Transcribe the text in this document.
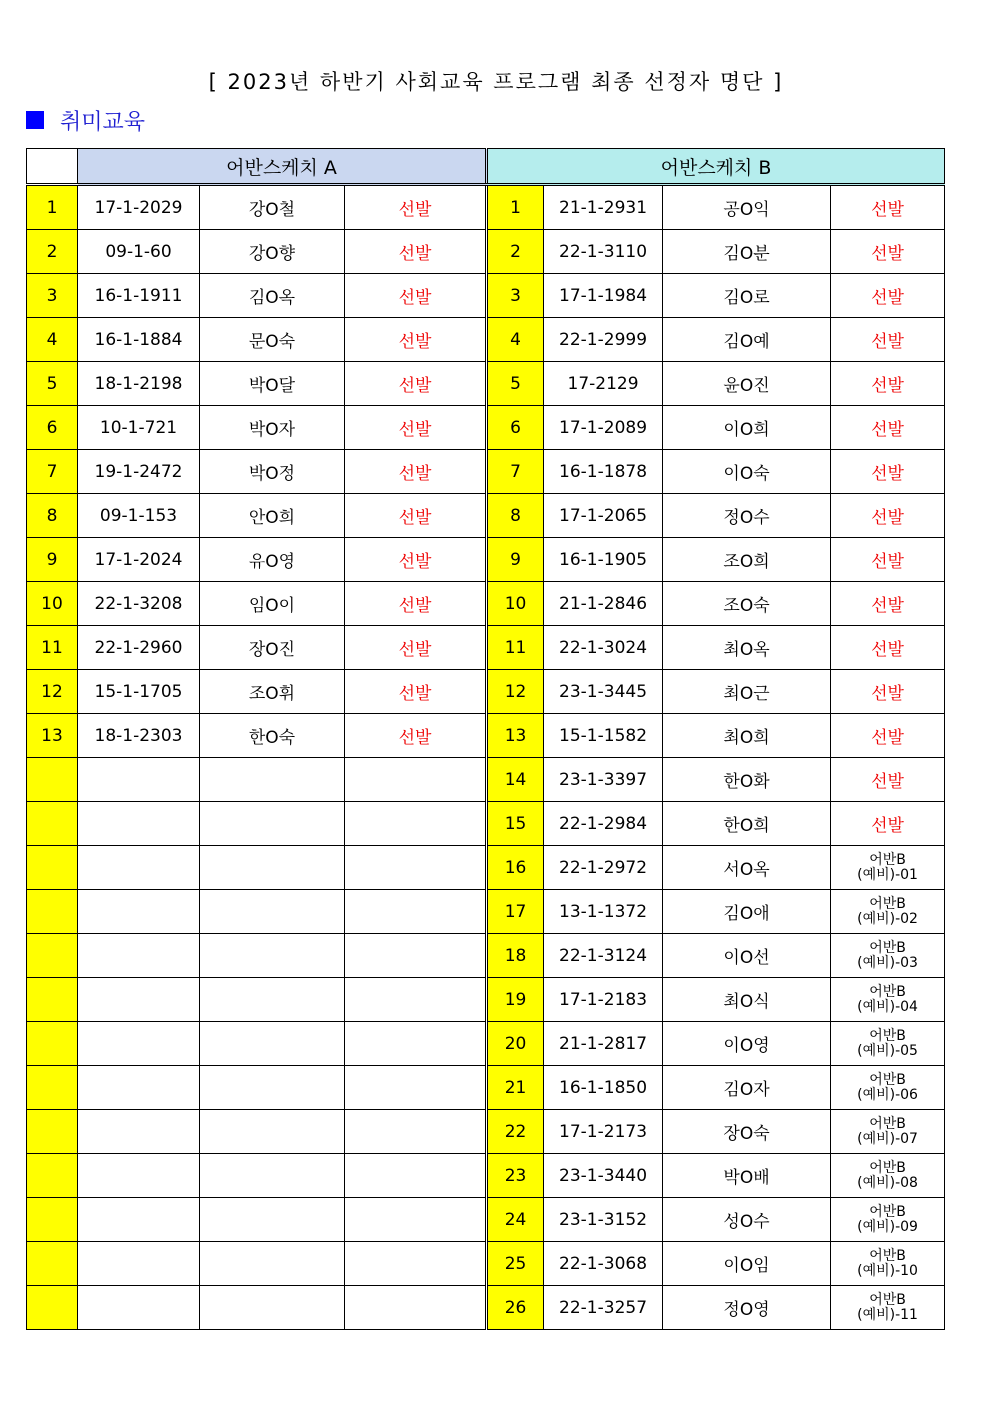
[ 2023년 하반기 사회교육 프로그램 최종 선정자 명단 ]
취미교육
	어반스케치 A			어반스케치 B			
1	17-1-2029	강O철	선발	1	21-1-2931	공O익	선발
2	09-1-60	강O향	선발	2	22-1-3110	김O분	선발
3	16-1-1911	김O옥	선발	3	17-1-1984	김O로	선발
4	16-1-1884	문O숙	선발	4	22-1-2999	김O예	선발
5	18-1-2198	박O달	선발	5	17-2129	윤O진	선발
6	10-1-721	박O자	선발	6	17-1-2089	이O희	선발
7	19-1-2472	박O정	선발	7	16-1-1878	이O숙	선발
8	09-1-153	안O희	선발	8	17-1-2065	정O수	선발
9	17-1-2024	유O영	선발	9	16-1-1905	조O희	선발
10	22-1-3208	임O이	선발	10	21-1-2846	조O숙	선발
11	22-1-2960	장O진	선발	11	22-1-3024	최O옥	선발
12	15-1-1705	조O휘	선발	12	23-1-3445	최O근	선발
13	18-1-2303	한O숙	선발	13	15-1-1582	최O희	선발
				14	23-1-3397	한O화	선발
				15	22-1-2984	한O희	선발
				16	22-1-2972	서O옥	어반B
(예비)-01

				17	13-1-1372	김O애	어반B
(예비)-02

				18	22-1-3124	이O선	어반B
(예비)-03

				19	17-1-2183	최O식	어반B
(예비)-04

				20	21-1-2817	이O영	어반B
(예비)-05

				21	16-1-1850	김O자	어반B
(예비)-06

				22	17-1-2173	장O숙	어반B
(예비)-07

				23	23-1-3440	박O배	어반B
(예비)-08

				24	23-1-3152	성O수	어반B
(예비)-09

				25	22-1-3068	이O임	어반B
(예비)-10

				26	22-1-3257	정O영	어반B
(예비)-11
